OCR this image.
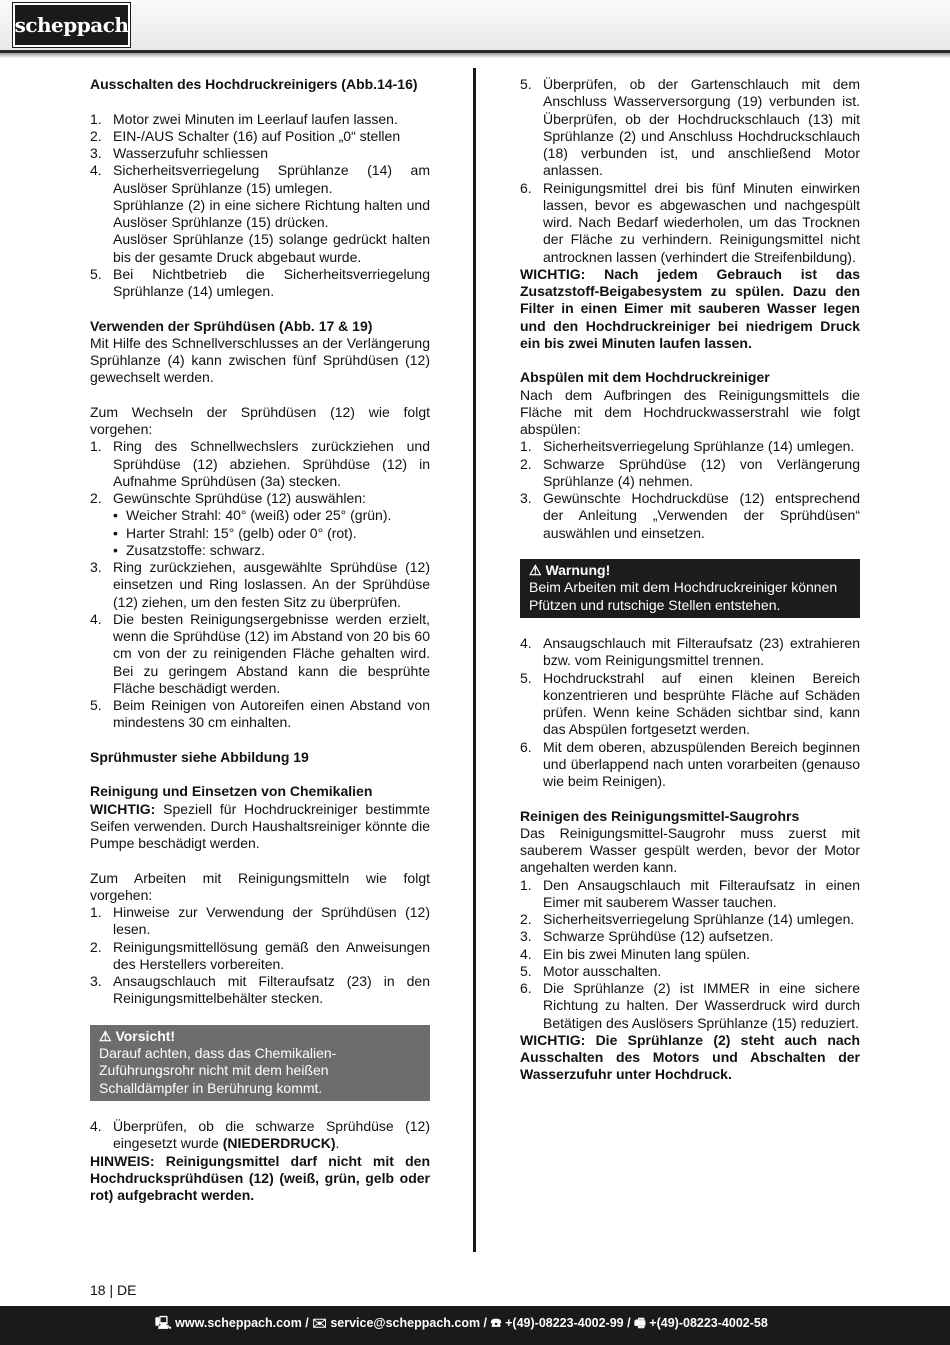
scheppach

Ausschalten des Hochdruckreinigers (Abb.14-16)

1. Motor zwei Minuten im Leerlauf laufen lassen.
2. EIN-/AUS Schalter (16) auf Position „0“ stellen
3. Wasserzufuhr schliessen
4. Sicherheitsverriegelung Sprühlanze (14) am Auslöser Sprühlanze (15) umlegen.
Sprühlanze (2) in eine sichere Richtung halten und Auslöser Sprühlanze (15) drücken.
Auslöser Sprühlanze (15) solange gedrückt halten bis der gesamte Druck abgebaut wurde.
5. Bei Nichtbetrieb die Sicherheitsverriegelung Sprühlanze (14) umlegen.

Verwenden der Sprühdüsen (Abb. 17 & 19)

Mit Hilfe des Schnellverschlusses an der Verlängerung Sprühlanze (4) kann zwischen fünf Sprühdüsen (12) gewechselt werden.

Zum Wechseln der Sprühdüsen (12) wie folgt vorgehen:

1. Ring des Schnellwechslers zurückziehen und Sprühdüse (12) abziehen. Sprühdüse (12) in Aufnahme Sprühdüsen (3a) stecken.
2. Gewünschte Sprühdüse (12) auswählen:
• Weicher Strahl: 40° (weiß) oder 25° (grün).
• Harter Strahl: 15° (gelb) oder 0° (rot).
• Zusatzstoffe: schwarz.
3. Ring zurückziehen, ausgewählte Sprühdüse (12) einsetzen und Ring loslassen. An der Sprühdüse (12) ziehen, um den festen Sitz zu überprüfen.
4. Die besten Reinigungsergebnisse werden erzielt, wenn die Sprühdüse (12) im Abstand von 20 bis 60 cm von der zu reinigenden Fläche gehalten wird. Bei zu geringem Abstand kann die besprühte Fläche beschädigt werden.
5. Beim Reinigen von Autoreifen einen Abstand von mindestens 30 cm einhalten.

Sprühmuster siehe Abbildung 19

Reinigung und Einsetzen von Chemikalien

WICHTIG: Speziell für Hochdruckreiniger bestimmte Seifen verwenden. Durch Haushaltsreiniger könnte die Pumpe beschädigt werden.

Zum Arbeiten mit Reinigungsmitteln wie folgt vorgehen:

1. Hinweise zur Verwendung der Sprühdüsen (12) lesen.
2. Reinigungsmittellösung gemäß den Anweisungen des Herstellers vorbereiten.
3. Ansaugschlauch mit Filteraufsatz (23) in den Reinigungsmittelbehälter stecken.

⚠ Vorsicht!

Darauf achten, dass das Chemikalien-Zuführungsrohr nicht mit dem heißen Schalldämpfer in Berührung kommt.

4. Überprüfen, ob die schwarze Sprühdüse (12) eingesetzt wurde (NIEDERDRUCK).

HINWEIS: Reinigungsmittel darf nicht mit den Hochdrucksprühdüsen (12) (weiß, grün, gelb oder rot) aufgebracht werden.

5. Überprüfen, ob der Gartenschlauch mit dem Anschluss Wasserversorgung (19) verbunden ist. Überprüfen, ob der Hochdruckschlauch (13) mit Sprühlanze (2) und Anschluss Hochdruckschlauch (18) verbunden ist, und anschließend Motor anlassen.
6. Reinigungsmittel drei bis fünf Minuten einwirken lassen, bevor es abgewaschen und nachgespült wird. Nach Bedarf wiederholen, um das Trocknen der Fläche zu verhindern. Reinigungsmittel nicht antrocknen lassen (verhindert die Streifenbildung).

WICHTIG: Nach jedem Gebrauch ist das Zusatzstoff-Beigabesystem zu spülen. Dazu den Filter in einen Eimer mit sauberen Wasser legen und den Hochdruckreiniger bei niedrigem Druck ein bis zwei Minuten laufen lassen.

Abspülen mit dem Hochdruckreiniger

Nach dem Aufbringen des Reinigungsmittels die Fläche mit dem Hochdruckwasserstrahl wie folgt abspülen:

1. Sicherheitsverriegelung Sprühlanze (14) umlegen.
2. Schwarze Sprühdüse (12) von Verlängerung Sprühlanze (4) nehmen.
3. Gewünschte Hochdruckdüse (12) entsprechend der Anleitung „Verwenden der Sprühdüsen“ auswählen und einsetzen.

⚠ Warnung!

Beim Arbeiten mit dem Hochdruckreiniger können Pfützen und rutschige Stellen entstehen.

4. Ansaugschlauch mit Filteraufsatz (23) extrahieren bzw. vom Reinigungsmittel trennen.
5. Hochdruckstrahl auf einen kleinen Bereich konzentrieren und besprühte Fläche auf Schäden prüfen. Wenn keine Schäden sichtbar sind, kann das Abspülen fortgesetzt werden.
6. Mit dem oberen, abzuspülenden Bereich beginnen und überlappend nach unten vorarbeiten (genauso wie beim Reinigen).

Reinigen des Reinigungsmittel-Saugrohrs

Das Reinigungsmittel-Saugrohr muss zuerst mit sauberem Wasser gespült werden, bevor der Motor angehalten werden kann.

1. Den Ansaugschlauch mit Filteraufsatz in einen Eimer mit sauberem Wasser tauchen.
2. Sicherheitsverriegelung Sprühlanze (14) umlegen.
3. Schwarze Sprühdüse (12) aufsetzen.
4. Ein bis zwei Minuten lang spülen.
5. Motor ausschalten.
6. Die Sprühlanze (2) ist IMMER in eine sichere Richtung zu halten. Der Wasserdruck wird durch Betätigen des Auslösers Sprühlanze (15) reduziert.

WICHTIG: Die Sprühlanze (2) steht auch nach Ausschalten des Motors und Abschalten der Wasserzufuhr unter Hochdruck.

18 | DE
🖳 www.scheppach.com / ✉ service@scheppach.com / ☎ +(49)-08223-4002-99 / 🖷 +(49)-08223-4002-58
